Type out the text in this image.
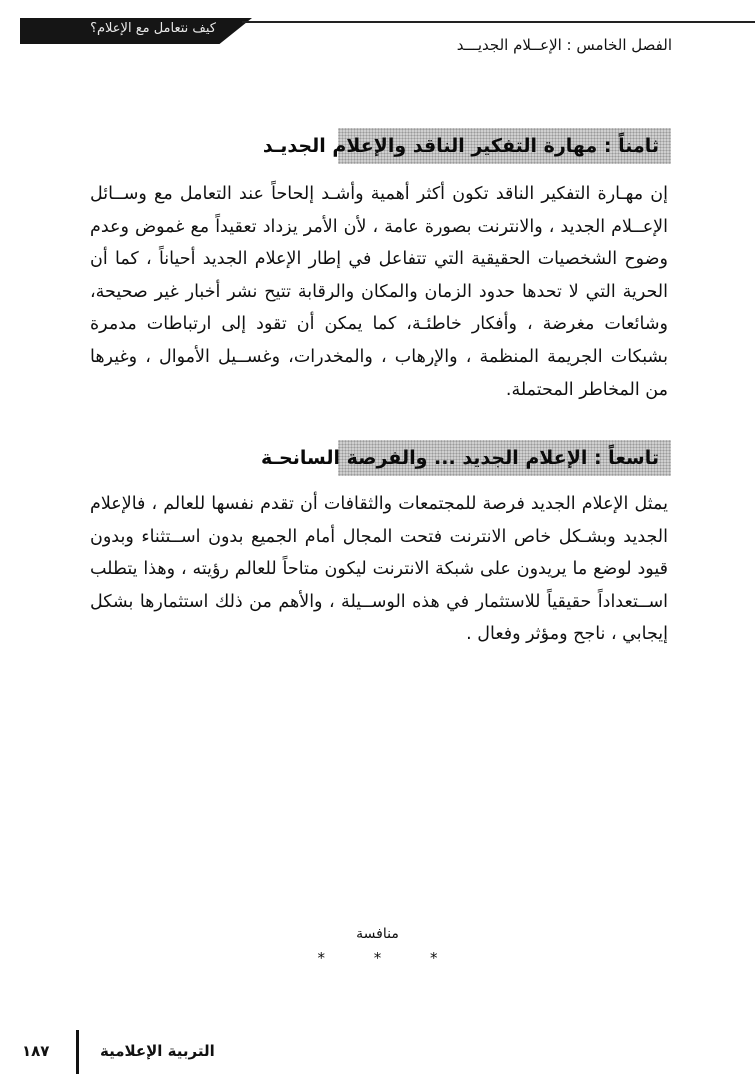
كيف نتعامل مع الإعلام؟
الفصل الخامس : الإعــلام الجديـــد
ثامناً : مهارة التفكير الناقد والإعلام الجديـد
إن مهـارة التفكير الناقد تكون أكثر أهمية وأشـد إلحاحاً عند التعامل مع وســائل الإعــلام الجديد ، والانترنت بصورة عامة ، لأن الأمر يزداد تعقيداً مع غموض وعدم وضوح الشخصيات الحقيقية التي تتفاعل في إطار الإعلام الجديد أحياناً ، كما أن الحرية التي لا تحدها حدود الزمان والمكان والرقابة تتيح نشر أخبار غير صحيحة، وشائعات مغرضة ، وأفكار خاطئـة، كما يمكن أن تقود إلى ارتباطات مدمرة بشبكات الجريمة المنظمة ، والإرهاب ، والمخدرات، وغســيل الأموال ، وغيرها من المخاطر المحتملة.
تاسعاً : الإعلام الجديد ... والفرصة السانحـة
يمثل الإعلام الجديد فرصة للمجتمعات والثقافات أن تقدم نفسها للعالم ، فالإعلام الجديد وبشـكل خاص الانترنت فتحت المجال أمام الجميع بدون اســتثناء وبدون قيود لوضع ما يريدون على شبكة الانترنت ليكون متاحاً للعالم رؤيته ، وهذا يتطلب اســتعداداً حقيقياً للاستثمار في هذه الوســيلة ، والأهم من ذلك استثمارها بشكل إيجابي ، ناجح ومؤثر وفعال .
منافسة
* * *
١٨٧	التربية الإعلامية
